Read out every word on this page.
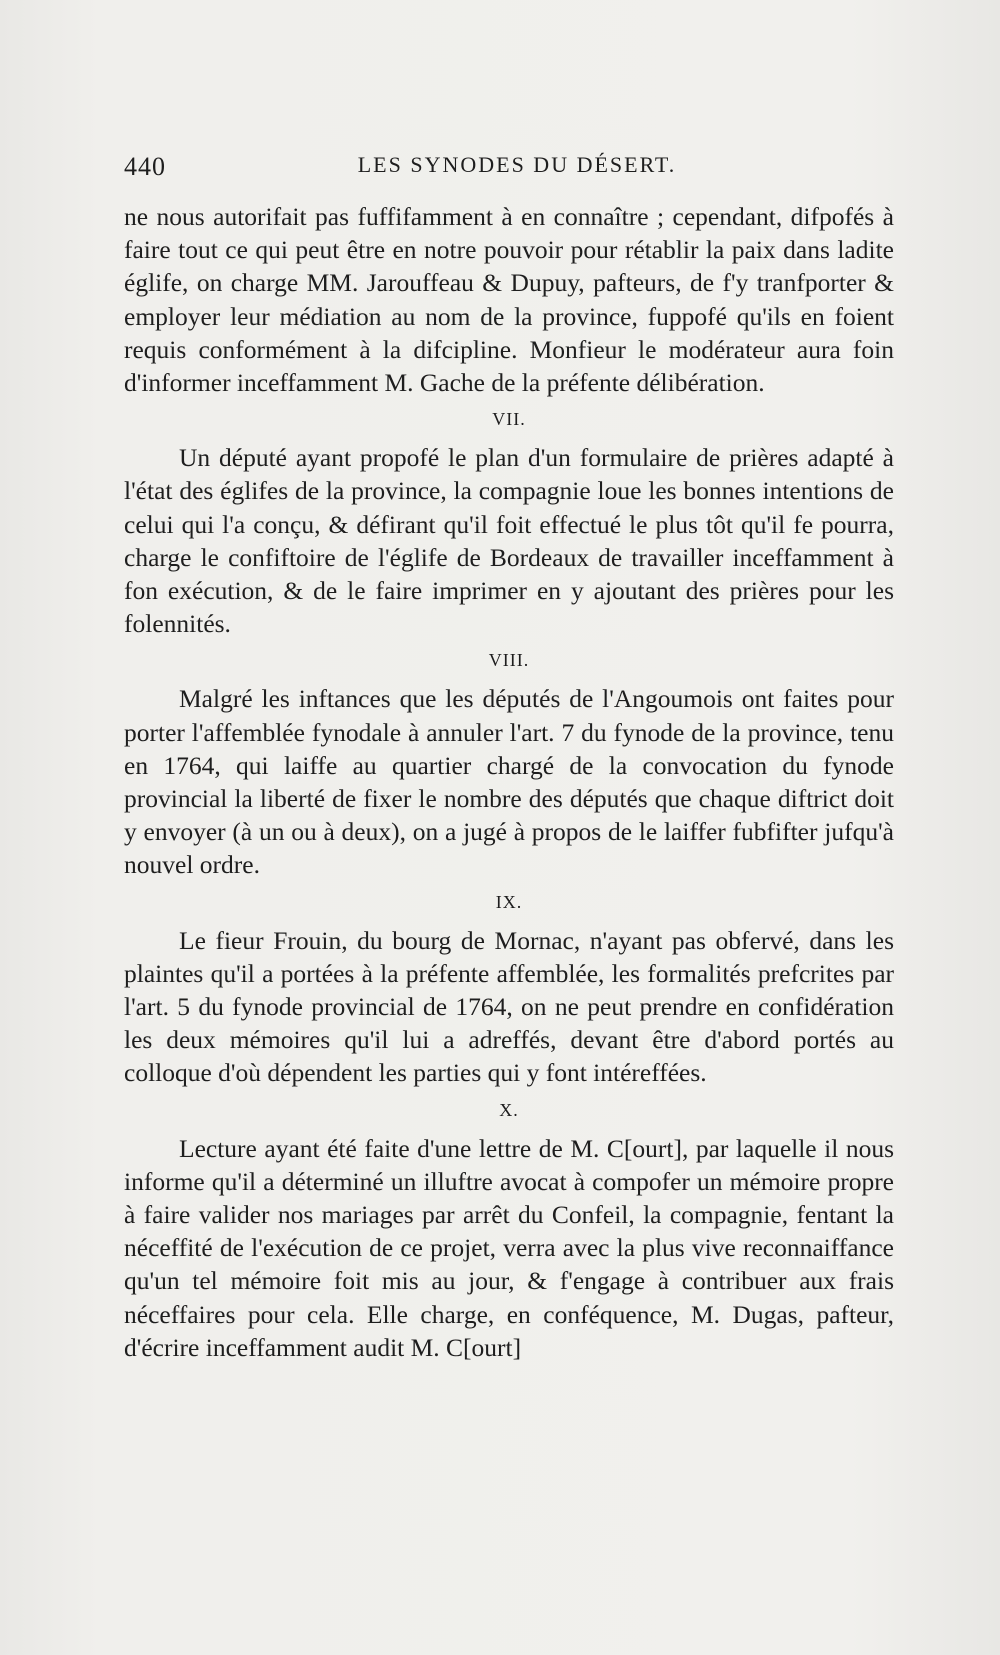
440	LES SYNODES DU DÉSERT.

ne nous autorifait pas fuffifamment à en connaître ; cependant, difpofés à faire tout ce qui peut être en notre pouvoir pour rétablir la paix dans ladite églife, on charge MM. Jarouffeau & Dupuy, pafteurs, de f'y tranfporter & employer leur médiation au nom de la province, fuppofé qu'ils en foient requis conformément à la difcipline. Monfieur le modérateur aura foin d'informer inceffamment M. Gache de la préfente délibération.

VII.

Un député ayant propofé le plan d'un formulaire de prières adapté à l'état des églifes de la province, la compagnie loue les bonnes intentions de celui qui l'a conçu, & défirant qu'il foit effectué le plus tôt qu'il fe pourra, charge le confiftoire de l'églife de Bordeaux de travailler inceffamment à fon exécution, & de le faire imprimer en y ajoutant des prières pour les folennités.

VIII.

Malgré les inftances que les députés de l'Angoumois ont faites pour porter l'affemblée fynodale à annuler l'art. 7 du fynode de la province, tenu en 1764, qui laiffe au quartier chargé de la convocation du fynode provincial la liberté de fixer le nombre des députés que chaque diftrict doit y envoyer (à un ou à deux), on a jugé à propos de le laiffer fubfifter jufqu'à nouvel ordre.

IX.

Le fieur Frouin, du bourg de Mornac, n'ayant pas obfervé, dans les plaintes qu'il a portées à la préfente affemblée, les formalités prefcrites par l'art. 5 du fynode provincial de 1764, on ne peut prendre en confidération les deux mémoires qu'il lui a adreffés, devant être d'abord portés au colloque d'où dépendent les parties qui y font intéreffées.

X.

Lecture ayant été faite d'une lettre de M. C[ourt], par laquelle il nous informe qu'il a déterminé un illuftre avocat à compofer un mémoire propre à faire valider nos mariages par arrêt du Confeil, la compagnie, fentant la néceffité de l'exécution de ce projet, verra avec la plus vive reconnaiffance qu'un tel mémoire foit mis au jour, & f'engage à contribuer aux frais néceffaires pour cela. Elle charge, en conféquence, M. Dugas, pafteur, d'écrire inceffamment audit M. C[ourt]
